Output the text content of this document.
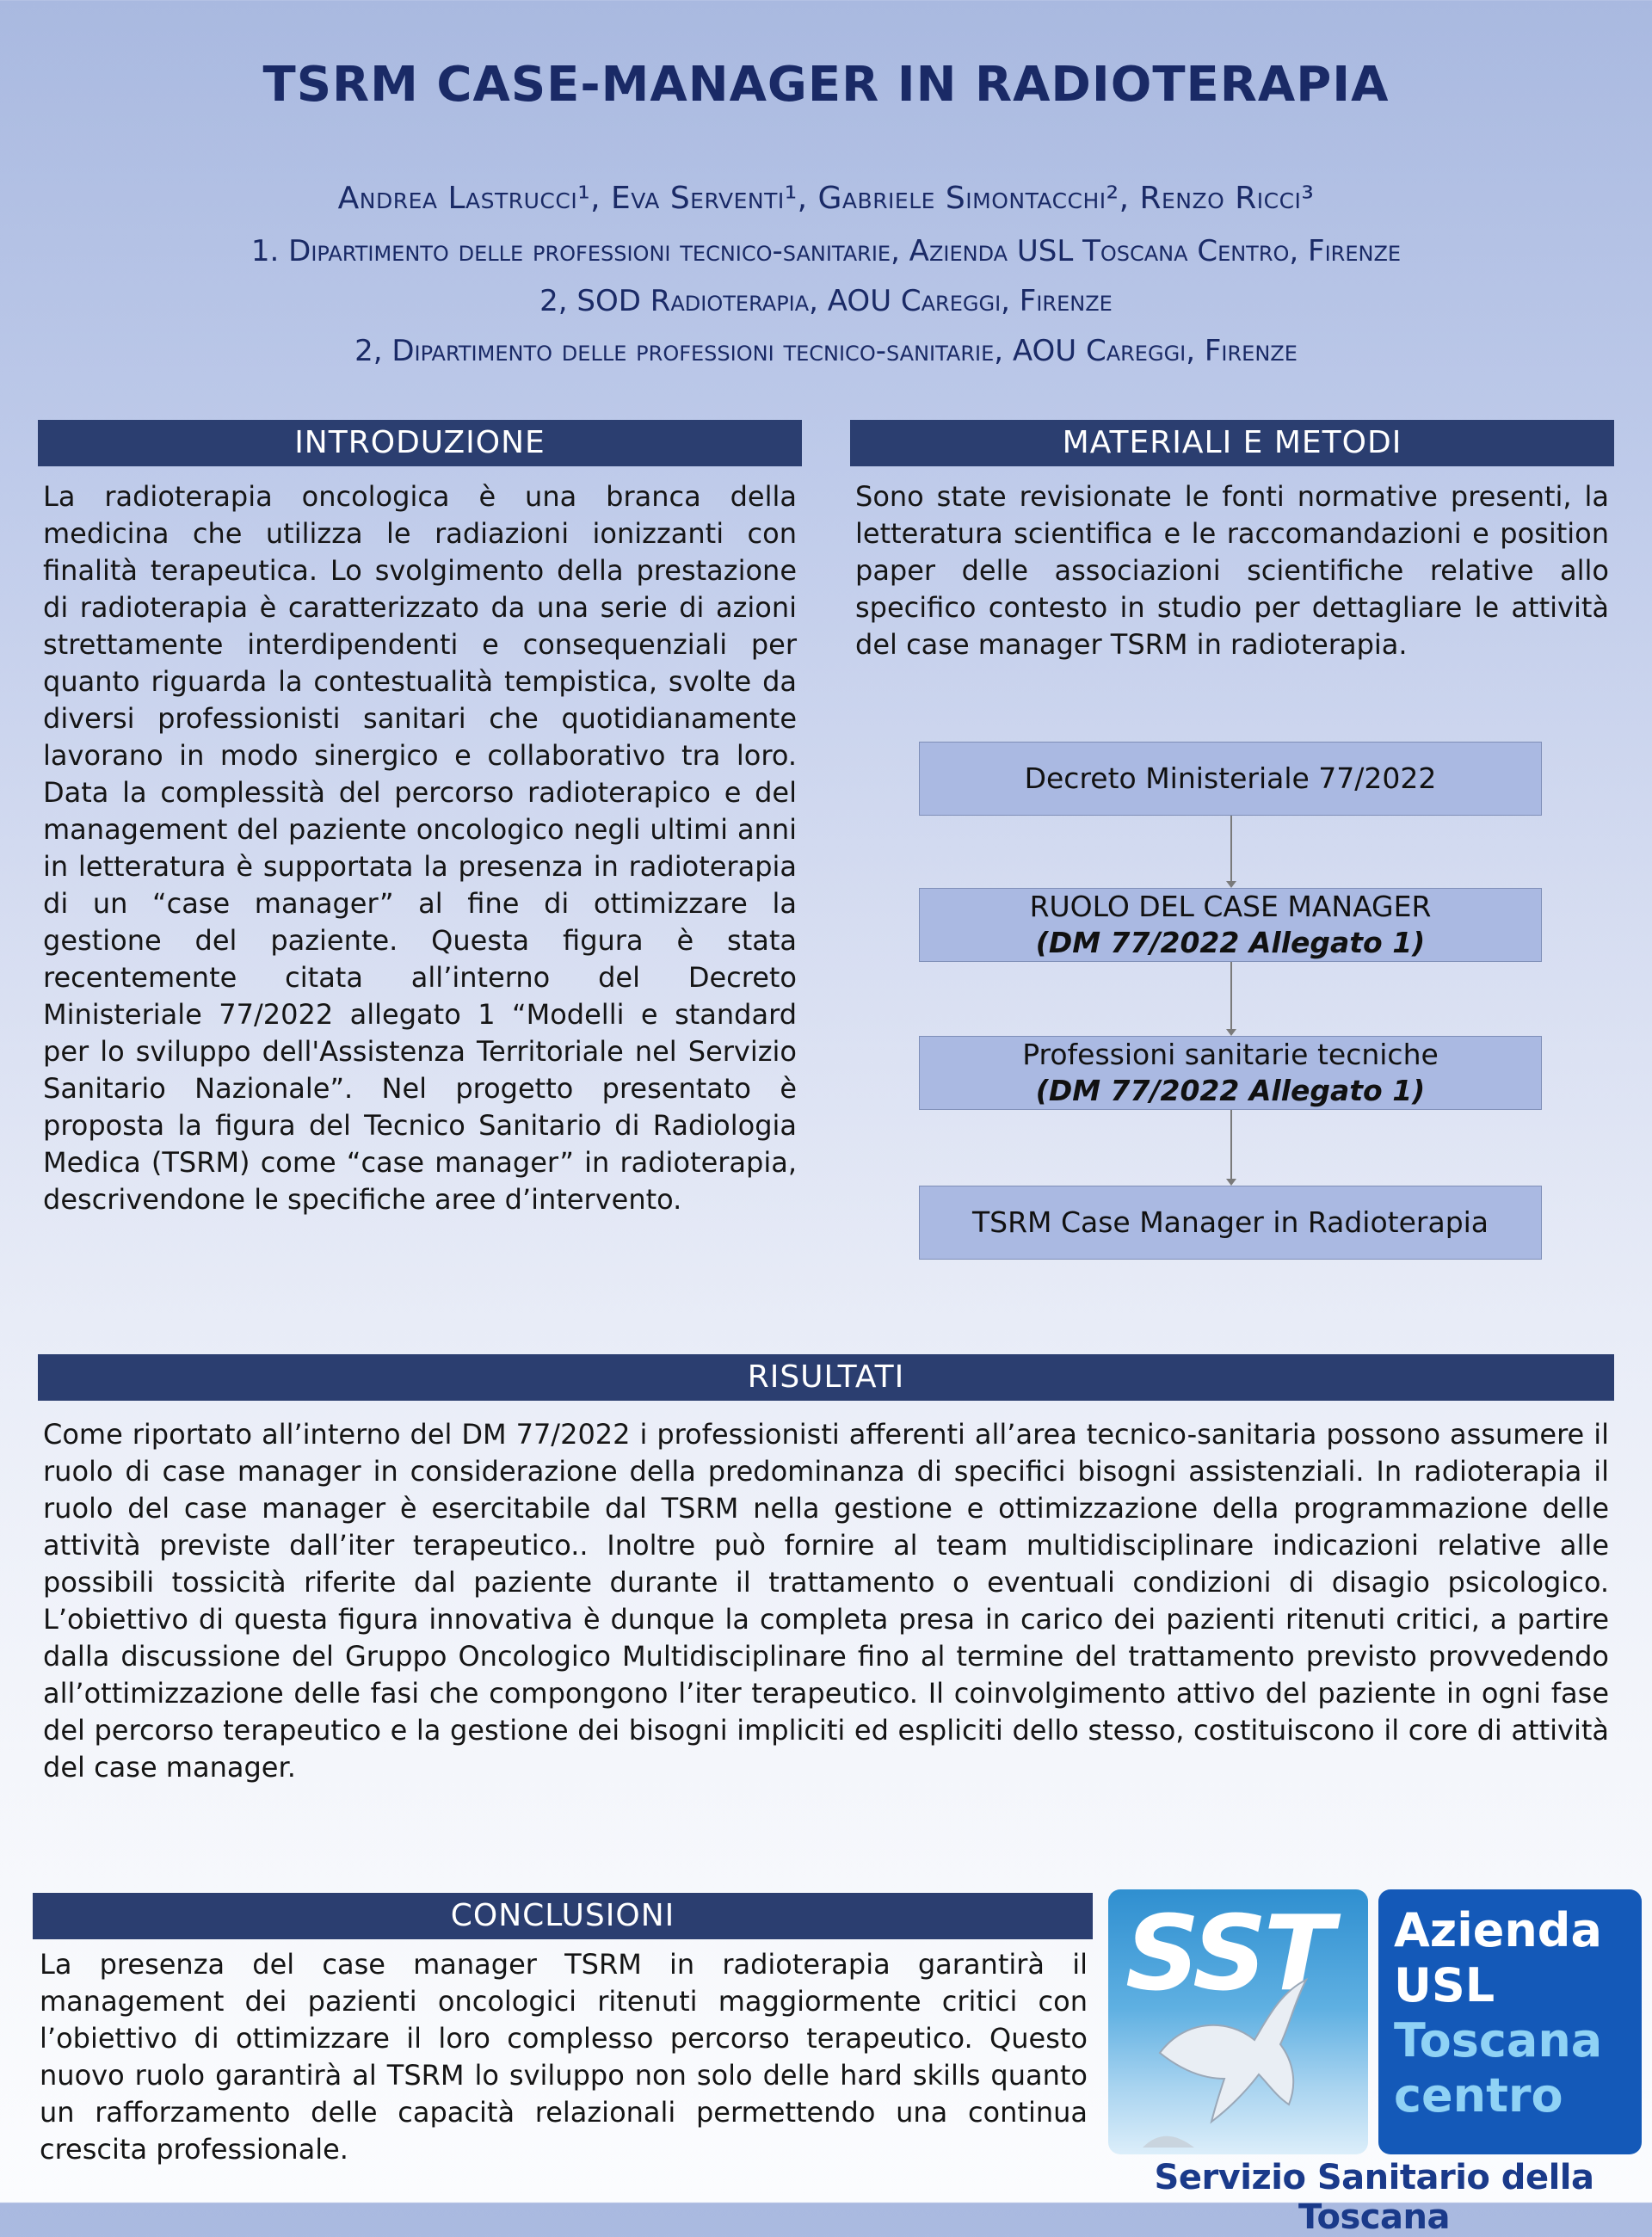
TSRM CASE-MANAGER IN RADIOTERAPIA
Andrea Lastrucci¹, Eva Serventi¹, Gabriele Simontacchi², Renzo Ricci³
1. Dipartimento delle professioni tecnico-sanitarie, Azienda USL Toscana Centro, Firenze
2, SOD Radioterapia, AOU Careggi, Firenze
2, Dipartimento delle professioni tecnico-sanitarie, AOU Careggi, Firenze
INTRODUZIONE
La radioterapia oncologica è una branca della medicina che utilizza le radiazioni ionizzanti con finalità terapeutica. Lo svolgimento della prestazione di radioterapia è caratterizzato da una serie di azioni strettamente interdipendenti e consequenziali per quanto riguarda la contestualità tempistica, svolte da diversi professionisti sanitari che quotidianamente lavorano in modo sinergico e collaborativo tra loro. Data la complessità del percorso radioterapico e del management del paziente oncologico negli ultimi anni in letteratura è supportata la presenza in radioterapia di un “case manager” al fine di ottimizzare la gestione del paziente. Questa figura è stata recentemente citata all’interno del Decreto Ministeriale 77/2022 allegato 1 “Modelli e standard per lo sviluppo dell'Assistenza Territoriale nel Servizio Sanitario Nazionale”. Nel progetto presentato è proposta la figura del Tecnico Sanitario di Radiologia Medica (TSRM) come “case manager” in radioterapia, descrivendone le specifiche aree d’intervento.
MATERIALI E METODI
Sono state revisionate le fonti normative presenti, la letteratura scientifica e le raccomandazioni e position paper delle associazioni scientifiche relative allo specifico contesto in studio per dettagliare le attività del case manager TSRM in radioterapia.
Decreto Ministeriale 77/2022
RUOLO DEL CASE MANAGER
(DM 77/2022 Allegato 1)
Professioni sanitarie tecniche
(DM 77/2022 Allegato 1)
TSRM Case Manager in Radioterapia
RISULTATI
Come riportato all’interno del DM 77/2022 i professionisti afferenti all’area tecnico-sanitaria possono assumere il ruolo di case manager in considerazione della predominanza di specifici bisogni assistenziali. In radioterapia il ruolo del case manager è esercitabile dal TSRM nella gestione e ottimizzazione della programmazione delle attività previste dall’iter terapeutico.. Inoltre può fornire al team multidisciplinare indicazioni relative alle possibili tossicità riferite dal paziente durante il trattamento o eventuali condizioni di disagio psicologico. L’obiettivo di questa figura innovativa è dunque la completa presa in carico dei pazienti ritenuti critici, a partire dalla discussione del Gruppo Oncologico Multidisciplinare fino al termine del trattamento previsto provvedendo all’ottimizzazione delle fasi che compongono l’iter terapeutico. Il coinvolgimento attivo del paziente in ogni fase del percorso terapeutico e la gestione dei bisogni impliciti ed espliciti dello stesso, costituiscono il core di attività del case manager.
CONCLUSIONI
La presenza del case manager TSRM in radioterapia garantirà il management dei pazienti oncologici ritenuti maggiormente critici con l’obiettivo di ottimizzare il loro complesso percorso terapeutico. Questo nuovo ruolo garantirà al TSRM lo sviluppo non solo delle hard skills quanto un rafforzamento delle capacità relazionali permettendo una continua crescita professionale.
SST Azienda
USL
Toscana
centro
Servizio Sanitario della Toscana
